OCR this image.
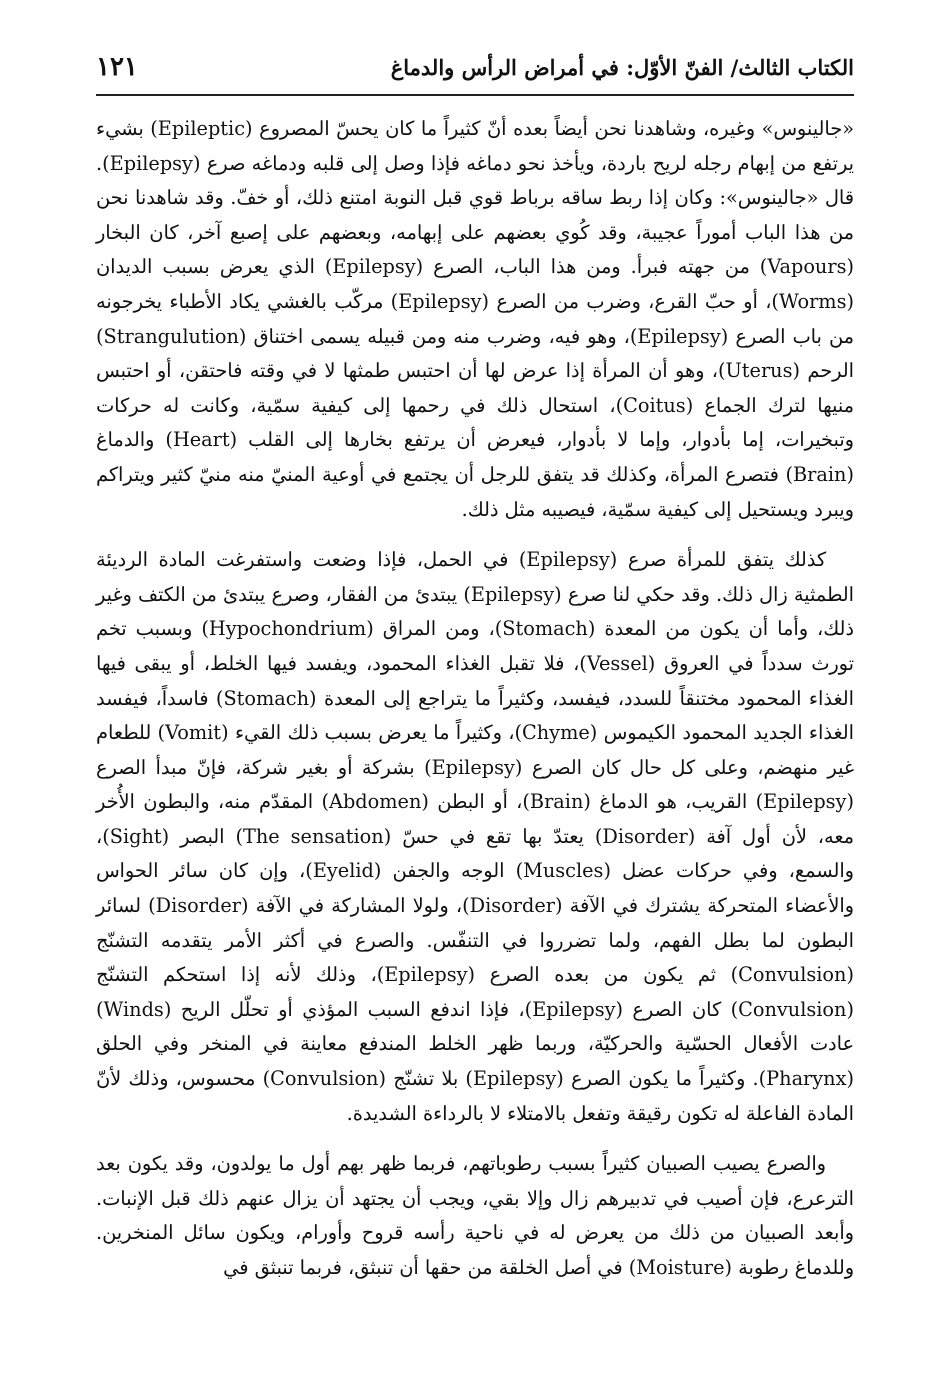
١٢١	الكتاب الثالث/ الفنّ الأوّل: في أمراض الرأس والدماغ

«جالينوس» وغيره، وشاهدنا نحن أيضاً بعده أنّ كثيراً ما كان يحسّ المصروع (Epileptic) بشيء يرتفع من إبهام رجله لريح باردة، ويأخذ نحو دماغه فإذا وصل إلى قلبه ودماغه صرع (Epilepsy). قال «جالينوس»: وكان إذا ربط ساقه برباط قوي قبل النوبة امتنع ذلك، أو خفّ. وقد شاهدنا نحن من هذا الباب أموراً عجيبة، وقد كُوي بعضهم على إبهامه، وبعضهم على إصبع آخر، كان البخار (Vapours) من جهته فبرأ. ومن هذا الباب، الصرع (Epilepsy) الذي يعرض بسبب الديدان (Worms)، أو حبّ القرع، وضرب من الصرع (Epilepsy) مركّب بالغشي يكاد الأطباء يخرجونه من باب الصرع (Epilepsy)، وهو فيه، وضرب منه ومن قبيله يسمى اختناق (Strangulution) الرحم (Uterus)، وهو أن المرأة إذا عرض لها أن احتبس طمثها لا في وقته فاحتقن، أو احتبس منيها لترك الجماع (Coitus)، استحال ذلك في رحمها إلى كيفية سمّية، وكانت له حركات وتبخيرات، إما بأدوار، وإما لا بأدوار، فيعرض أن يرتفع بخارها إلى القلب (Heart) والدماغ (Brain) فتصرع المرأة، وكذلك قد يتفق للرجل أن يجتمع في أوعية المنيّ منه منيّ كثير ويتراكم ويبرد ويستحيل إلى كيفية سمّية، فيصيبه مثل ذلك.

كذلك يتفق للمرأة صرع (Epilepsy) في الحمل، فإذا وضعت واستفرغت المادة الرديئة الطمثية زال ذلك. وقد حكي لنا صرع (Epilepsy) يبتدئ من الفقار، وصرع يبتدئ من الكتف وغير ذلك، وأما أن يكون من المعدة (Stomach)، ومن المراق (Hypochondrium) وبسبب تخم تورث سدداً في العروق (Vessel)، فلا تقبل الغذاء المحمود، ويفسد فيها الخلط، أو يبقى فيها الغذاء المحمود مختنقاً للسدد، فيفسد، وكثيراً ما يتراجع إلى المعدة (Stomach) فاسداً، فيفسد الغذاء الجديد المحمود الكيموس (Chyme)، وكثيراً ما يعرض بسبب ذلك القيء (Vomit) للطعام غير منهضم، وعلى كل حال كان الصرع (Epilepsy) بشركة أو بغير شركة، فإنّ مبدأ الصرع (Epilepsy) القريب، هو الدماغ (Brain)، أو البطن (Abdomen) المقدّم منه، والبطون الأُخر معه، لأن أول آفة (Disorder) يعتدّ بها تقع في حسّ (The sensation) البصر (Sight)، والسمع، وفي حركات عضل (Muscles) الوجه والجفن (Eyelid)، وإن كان سائر الحواس والأعضاء المتحركة يشترك في الآفة (Disorder)، ولولا المشاركة في الآفة (Disorder) لسائر البطون لما بطل الفهم، ولما تضرروا في التنفّس. والصرع في أكثر الأمر يتقدمه التشنّج (Convulsion) ثم يكون من بعده الصرع (Epilepsy)، وذلك لأنه إذا استحكم التشنّج (Convulsion) كان الصرع (Epilepsy)، فإذا اندفع السبب المؤذي أو تحلّل الريح (Winds) عادت الأفعال الحسّية والحركيّة، وربما ظهر الخلط المندفع معاينة في المنخر وفي الحلق (Pharynx). وكثيراً ما يكون الصرع (Epilepsy) بلا تشنّج (Convulsion) محسوس، وذلك لأنّ المادة الفاعلة له تكون رقيقة وتفعل بالامتلاء لا بالرداءة الشديدة.

والصرع يصيب الصبيان كثيراً بسبب رطوباتهم، فربما ظهر بهم أول ما يولدون، وقد يكون بعد الترعرع، فإن أصيب في تدبيرهم زال وإلا بقي، ويجب أن يجتهد أن يزال عنهم ذلك قبل الإنبات. وأبعد الصبيان من ذلك من يعرض له في ناحية رأسه قروح وأورام، ويكون سائل المنخرين. وللدماغ رطوبة (Moisture) في أصل الخلقة من حقها أن تنبثق، فربما تنبثق في
